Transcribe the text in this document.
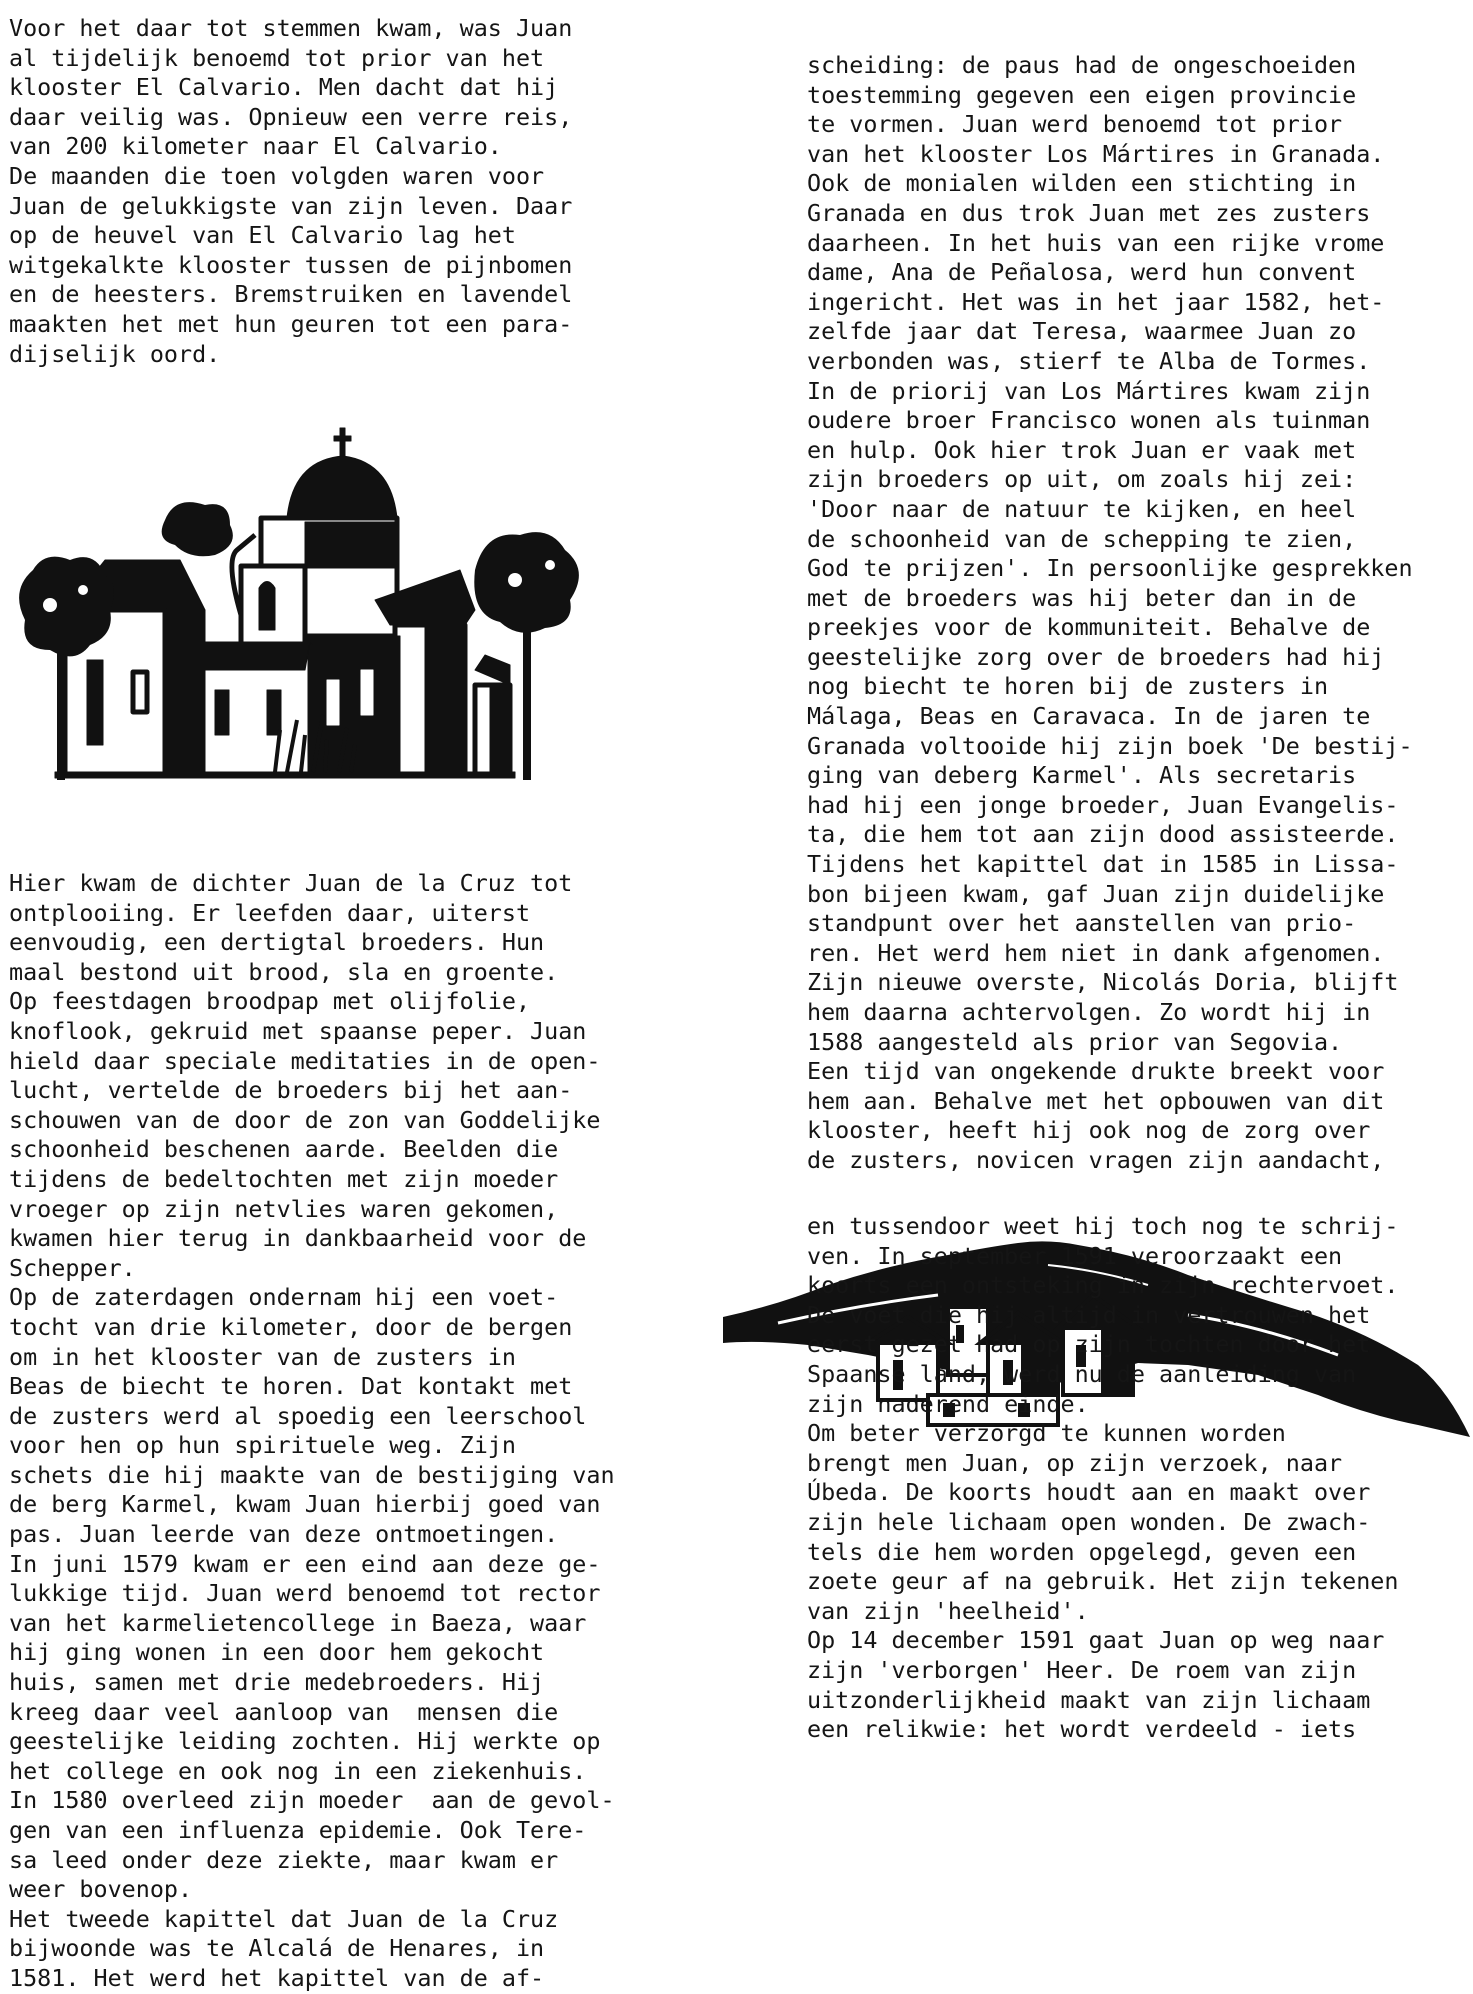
Voor het daar tot stemmen kwam, was Juan
al tijdelijk benoemd tot prior van het
klooster El Calvario. Men dacht dat hij
daar veilig was. Opnieuw een verre reis,
van 200 kilometer naar El Calvario.
De maanden die toen volgden waren voor
Juan de gelukkigste van zijn leven. Daar
op de heuvel van El Calvario lag het
witgekalkte klooster tussen de pijnbomen
en de heesters. Bremstruiken en lavendel
maakten het met hun geuren tot een para-
dijselijk oord.
Hier kwam de dichter Juan de la Cruz tot
ontplooiing. Er leefden daar, uiterst
eenvoudig, een dertigtal broeders. Hun
maal bestond uit brood, sla en groente.
Op feestdagen broodpap met olijfolie,
knoflook, gekruid met spaanse peper. Juan
hield daar speciale meditaties in de open-
lucht, vertelde de broeders bij het aan-
schouwen van de door de zon van Goddelijke
schoonheid beschenen aarde. Beelden die
tijdens de bedeltochten met zijn moeder
vroeger op zijn netvlies waren gekomen,
kwamen hier terug in dankbaarheid voor de
Schepper.
Op de zaterdagen ondernam hij een voet-
tocht van drie kilometer, door de bergen
om in het klooster van de zusters in
Beas de biecht te horen. Dat kontakt met
de zusters werd al spoedig een leerschool
voor hen op hun spirituele weg. Zijn
schets die hij maakte van de bestijging van
de berg Karmel, kwam Juan hierbij goed van
pas. Juan leerde van deze ontmoetingen.
In juni 1579 kwam er een eind aan deze ge-
lukkige tijd. Juan werd benoemd tot rector
van het karmelietencollege in Baeza, waar
hij ging wonen in een door hem gekocht
huis, samen met drie medebroeders. Hij
kreeg daar veel aanloop van  mensen die
geestelijke leiding zochten. Hij werkte op
het college en ook nog in een ziekenhuis.
In 1580 overleed zijn moeder  aan de gevol-
gen van een influenza epidemie. Ook Tere-
sa leed onder deze ziekte, maar kwam er
weer bovenop.
Het tweede kapittel dat Juan de la Cruz
bijwoonde was te Alcalá de Henares, in
1581. Het werd het kapittel van de af-
scheiding: de paus had de ongeschoeiden
toestemming gegeven een eigen provincie
te vormen. Juan werd benoemd tot prior
van het klooster Los Mártires in Granada.
Ook de monialen wilden een stichting in
Granada en dus trok Juan met zes zusters
daarheen. In het huis van een rijke vrome
dame, Ana de Peñalosa, werd hun convent
ingericht. Het was in het jaar 1582, het-
zelfde jaar dat Teresa, waarmee Juan zo
verbonden was, stierf te Alba de Tormes.
In de priorij van Los Mártires kwam zijn
oudere broer Francisco wonen als tuinman
en hulp. Ook hier trok Juan er vaak met
zijn broeders op uit, om zoals hij zei:
'Door naar de natuur te kijken, en heel
de schoonheid van de schepping te zien,
God te prijzen'. In persoonlijke gesprekken
met de broeders was hij beter dan in de
preekjes voor de kommuniteit. Behalve de
geestelijke zorg over de broeders had hij
nog biecht te horen bij de zusters in
Málaga, Beas en Caravaca. In de jaren te
Granada voltooide hij zijn boek 'De bestij-
ging van deberg Karmel'. Als secretaris
had hij een jonge broeder, Juan Evangelis-
ta, die hem tot aan zijn dood assisteerde.
Tijdens het kapittel dat in 1585 in Lissa-
bon bijeen kwam, gaf Juan zijn duidelijke
standpunt over het aanstellen van prio-
ren. Het werd hem niet in dank afgenomen.
Zijn nieuwe overste, Nicolás Doria, blijft
hem daarna achtervolgen. Zo wordt hij in
1588 aangesteld als prior van Segovia.
Een tijd van ongekende drukte breekt voor
hem aan. Behalve met het opbouwen van dit
klooster, heeft hij ook nog de zorg over
de zusters, novicen vragen zijn aandacht,
en tussendoor weet hij toch nog te schrij-
ven. In september 1591 veroorzaakt een
koorts een ontsteking in zijn rechtervoet.
De voet die hij altijd in vertrouwen het
eerst gezet had op zijn tochten door het
Spaanse land, werd nu de aanleiding van
zijn naderend einde.
Om beter verzorgd te kunnen worden
brengt men Juan, op zijn verzoek, naar
Úbeda. De koorts houdt aan en maakt over
zijn hele lichaam open wonden. De zwach-
tels die hem worden opgelegd, geven een
zoete geur af na gebruik. Het zijn tekenen
van zijn 'heelheid'.
Op 14 december 1591 gaat Juan op weg naar
zijn 'verborgen' Heer. De roem van zijn
uitzonderlijkheid maakt van zijn lichaam
een relikwie: het wordt verdeeld - iets
